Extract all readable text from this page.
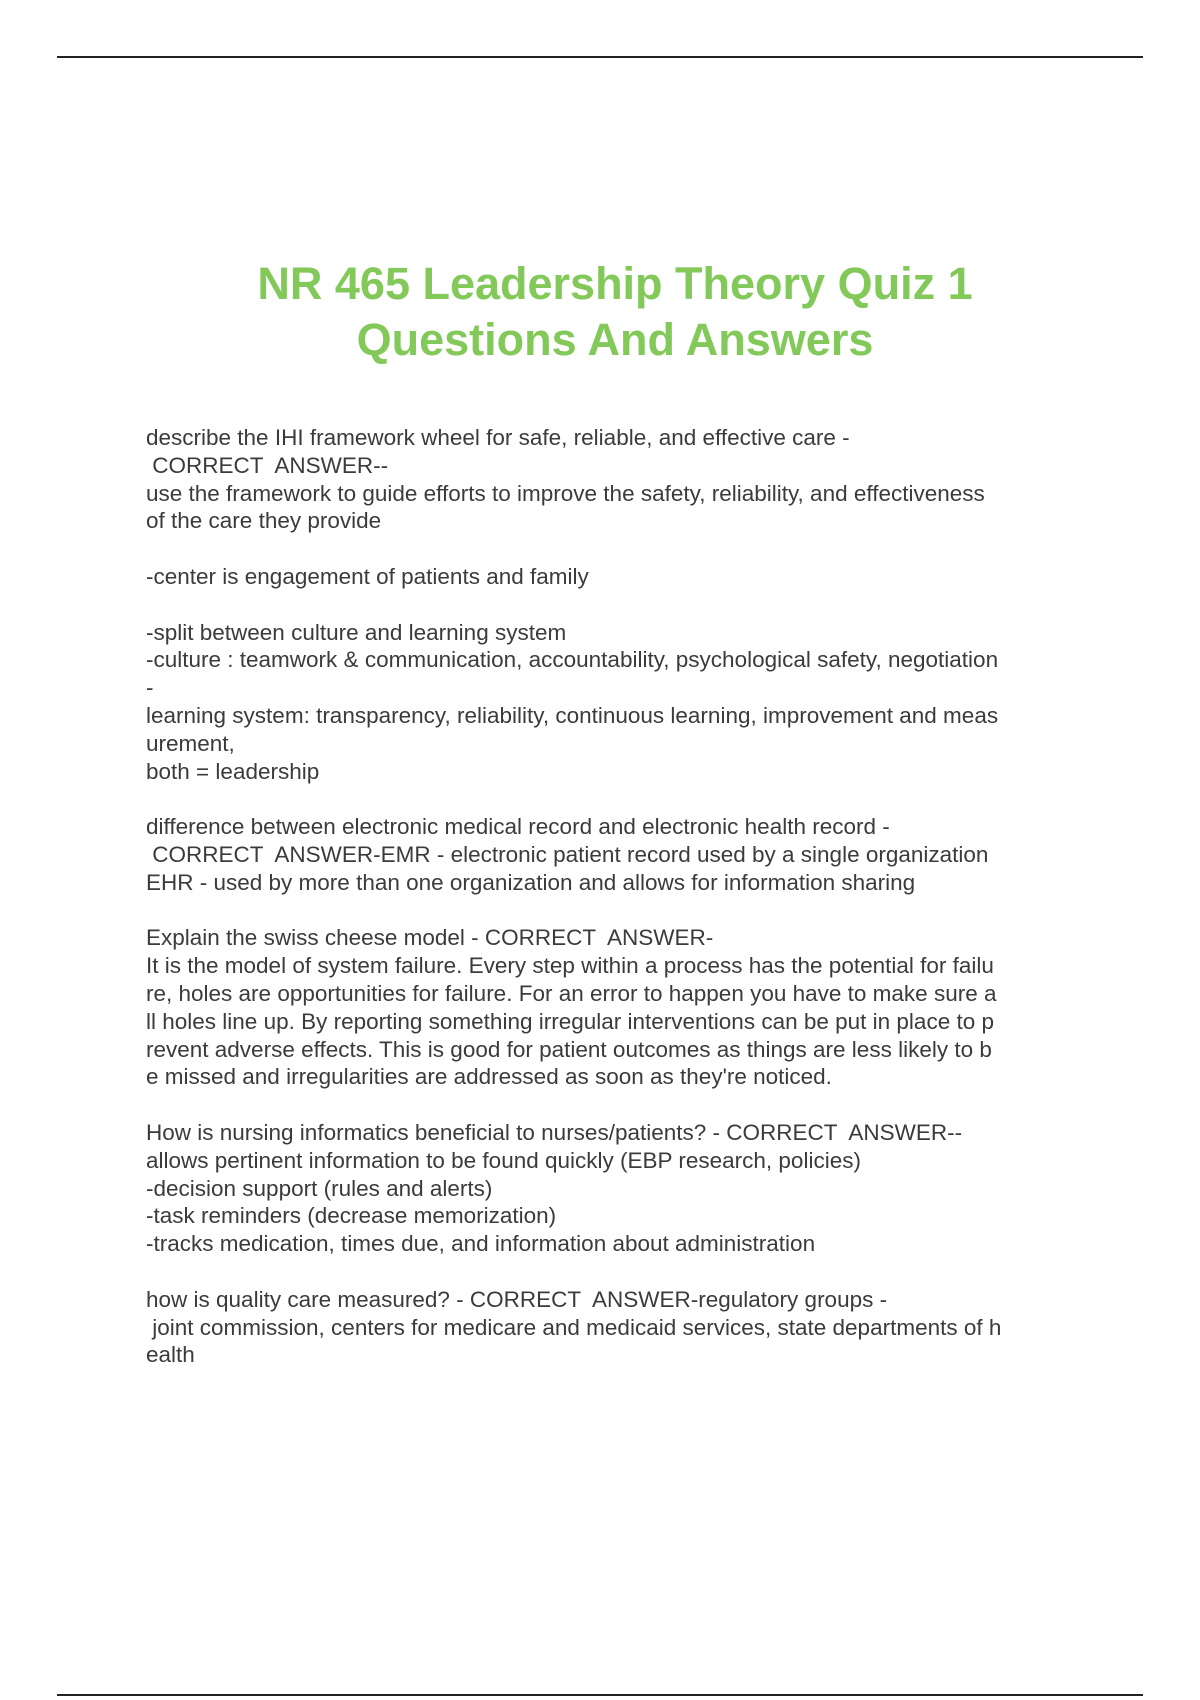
NR 465 Leadership Theory Quiz 1
Questions And Answers
describe the IHI framework wheel for safe, reliable, and effective care -
CORRECT  ANSWER--
use the framework to guide efforts to improve the safety, reliability, and effectiveness
of the care they provide
-center is engagement of patients and family
-split between culture and learning system
-culture : teamwork & communication, accountability, psychological safety, negotiation
-
learning system: transparency, reliability, continuous learning, improvement and meas
urement,
both = leadership
difference between electronic medical record and electronic health record -
CORRECT  ANSWER-EMR - electronic patient record used by a single organization
EHR - used by more than one organization and allows for information sharing
Explain the swiss cheese model - CORRECT  ANSWER-
It is the model of system failure. Every step within a process has the potential for failu
re, holes are opportunities for failure. For an error to happen you have to make sure a
ll holes line up. By reporting something irregular interventions can be put in place to p
revent adverse effects. This is good for patient outcomes as things are less likely to b
e missed and irregularities are addressed as soon as they're noticed.
How is nursing informatics beneficial to nurses/patients? - CORRECT  ANSWER--
allows pertinent information to be found quickly (EBP research, policies)
-decision support (rules and alerts)
-task reminders (decrease memorization)
-tracks medication, times due, and information about administration
how is quality care measured? - CORRECT  ANSWER-regulatory groups -
joint commission, centers for medicare and medicaid services, state departments of h
ealth
